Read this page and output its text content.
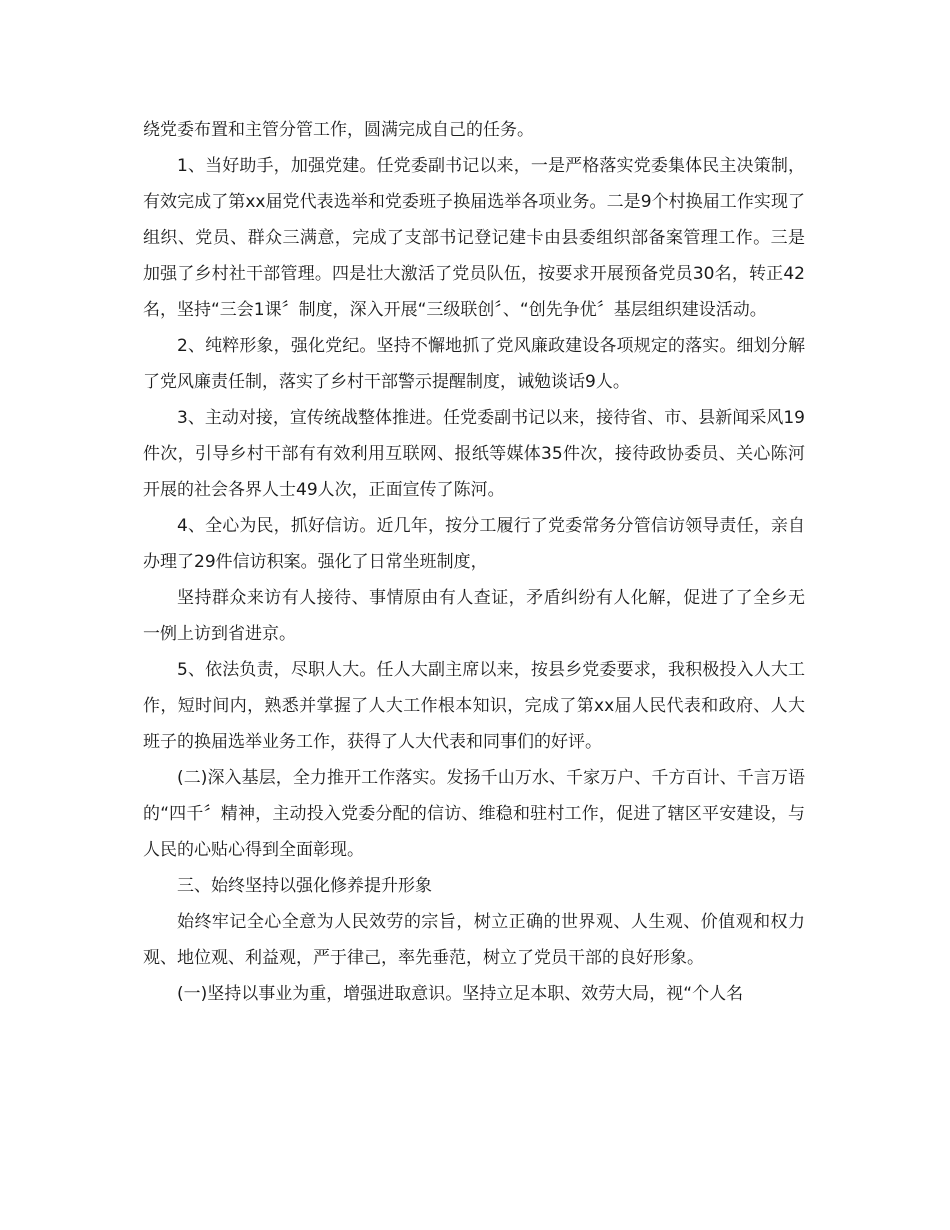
绕党委布置和主管分管工作，圆满完成自己的任务。

1、当好助手，加强党建。任党委副书记以来，一是严格落实党委集体民主决策制，有效完成了第xx届党代表选举和党委班子换届选举各项业务。二是9个村换届工作实现了组织、党员、群众三满意，完成了支部书记登记建卡由县委组织部备案管理工作。三是加强了乡村社干部管理。四是壮大激活了党员队伍，按要求开展预备党员30名，转正42名，坚持“三会1课〞制度，深入开展“三级联创〞、“创先争优〞基层组织建设活动。

2、纯粹形象，强化党纪。坚持不懈地抓了党风廉政建设各项规定的落实。细划分解了党风廉责任制，落实了乡村干部警示提醒制度，诫勉谈话9人。

3、主动对接，宣传统战整体推进。任党委副书记以来，接待省、市、县新闻采风19件次，引导乡村干部有有效利用互联网、报纸等媒体35件次，接待政协委员、关心陈河开展的社会各界人士49人次，正面宣传了陈河。

4、全心为民，抓好信访。近几年，按分工履行了党委常务分管信访领导责任，亲自办理了29件信访积案。强化了日常坐班制度，

坚持群众来访有人接待、事情原由有人查证，矛盾纠纷有人化解，促进了了全乡无一例上访到省进京。

5、依法负责，尽职人大。任人大副主席以来，按县乡党委要求，我积极投入人大工作，短时间内，熟悉并掌握了人大工作根本知识，完成了第xx届人民代表和政府、人大班子的换届选举业务工作，获得了人大代表和同事们的好评。

(二)深入基层，全力推开工作落实。发扬千山万水、千家万户、千方百计、千言万语的“四千〞精神，主动投入党委分配的信访、维稳和驻村工作，促进了辖区平安建设，与人民的心贴心得到全面彰现。

三、始终坚持以强化修养提升形象

始终牢记全心全意为人民效劳的宗旨，树立正确的世界观、人生观、价值观和权力观、地位观、利益观，严于律己，率先垂范，树立了党员干部的良好形象。

(一)坚持以事业为重，增强进取意识。坚持立足本职、效劳大局，视“个人名
